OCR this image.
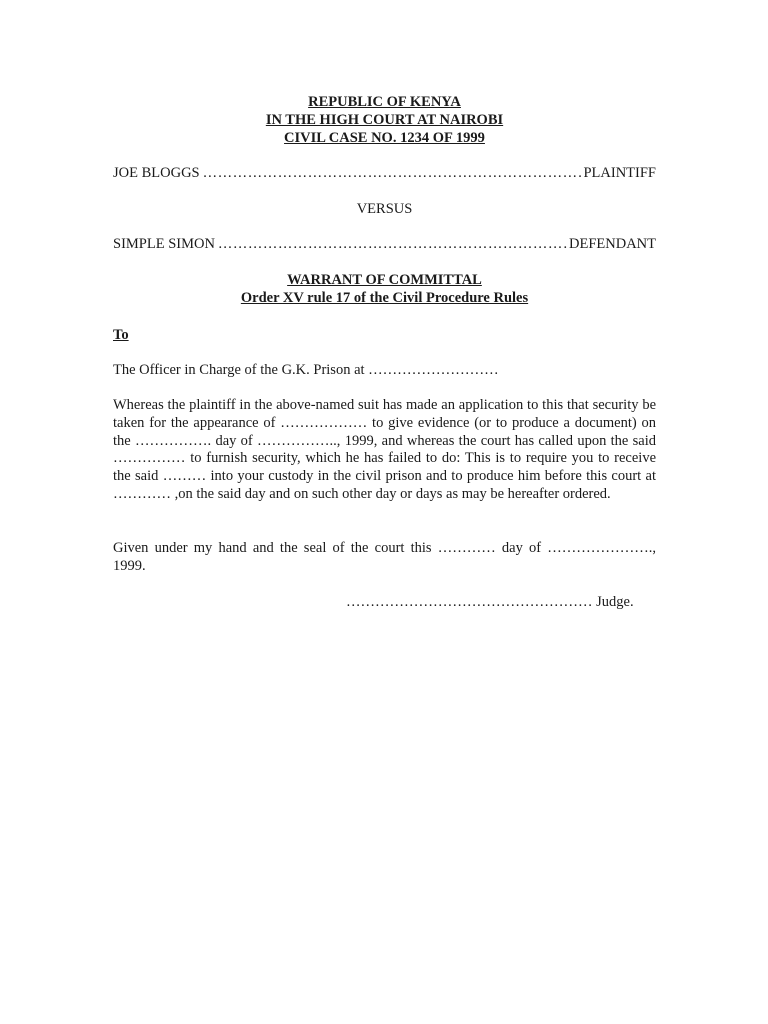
REPUBLIC OF KENYA
IN THE HIGH COURT AT NAIROBI
CIVIL CASE NO. 1234 OF 1999
JOE BLOGGS ……………………………………………………………………………………………………………	PLAINTIFF
VERSUS
SIMPLE SIMON ……………………………………………………………………………………………………………	DEFENDANT
WARRANT OF COMMITTAL
Order XV rule 17 of the Civil Procedure Rules
To
The Officer in Charge of the G.K. Prison at ………………………
Whereas the plaintiff in the above-named suit has made an application to this that security be taken for the appearance of ……………… to give evidence (or to produce a document) on the ……………. day of …………….., 1999, and whereas the court has called upon the said …………… to furnish security, which he has failed to do: This is to require you to receive the said ……… into your custody in the civil prison and to produce him before this court at ………… ,on the said day and on such other day or days as may be hereafter ordered.
Given under my hand and the seal of the court this ………… day of …………………., 1999.
…………………………………………… Judge.
